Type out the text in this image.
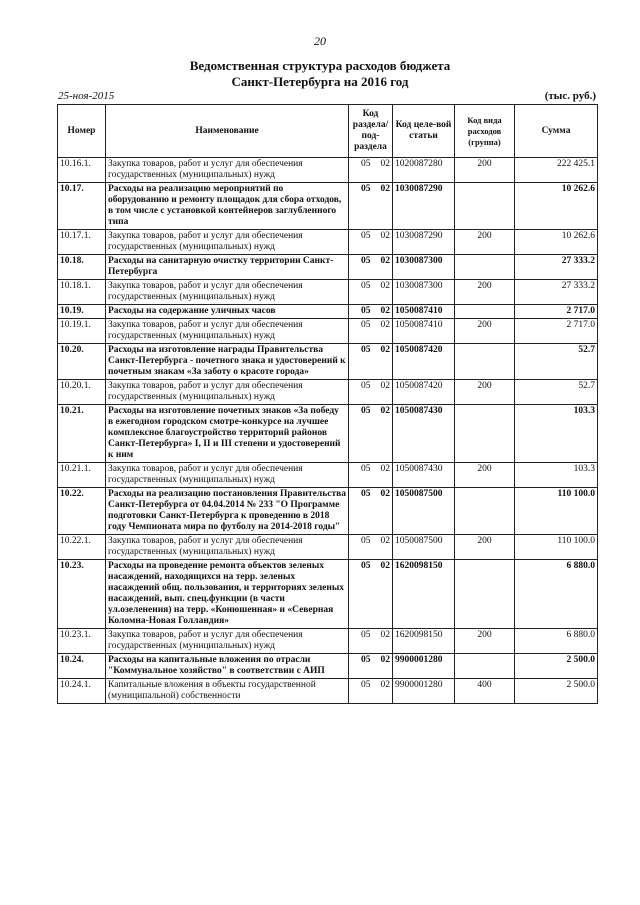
20
Ведомственная структура расходов бюджета
Санкт-Петербурга на 2016 год
25-ноя-2015	(тыс. руб.)
Номер	Наименование	Код раздела/ под-раздела		Код целе-вой статьи	Код вида расходов (группа)	Сумма
10.16.1.	Закупка товаров, работ и услуг для обеспечения государственных (муниципальных) нужд	05	02	1020087280	200	222 425.1
10.17.	Расходы на реализацию мероприятий по оборудованию и ремонту площадок для сбора отходов, в том числе с установкой контейнеров заглубленного типа	05	02	1030087290		10 262.6
10.17.1.	Закупка товаров, работ и услуг для обеспечения государственных (муниципальных) нужд	05	02	1030087290	200	10 262.6
10.18.	Расходы на санитарную очистку территории Санкт-Петербурга	05	02	1030087300		27 333.2
10.18.1.	Закупка товаров, работ и услуг для обеспечения государственных (муниципальных) нужд	05	02	1030087300	200	27 333.2
10.19.	Расходы на содержание уличных часов	05	02	1050087410		2 717.0
10.19.1.	Закупка товаров, работ и услуг для обеспечения государственных (муниципальных) нужд	05	02	1050087410	200	2 717.0
10.20.	Расходы на изготовление награды Правительства Санкт-Петербурга - почетного знака и удостоверений к почетным знакам «За заботу о красоте города»	05	02	1050087420		52.7
10.20.1.	Закупка товаров, работ и услуг для обеспечения государственных (муниципальных) нужд	05	02	1050087420	200	52.7
10.21.	Расходы на изготовление почетных знаков «За победу в ежегодном городском смотре-конкурсе на лучшее комплексное благоустройство территорий районов Санкт-Петербурга» I, II и III степени и удостоверений к ним	05	02	1050087430		103.3
10.21.1.	Закупка товаров, работ и услуг для обеспечения государственных (муниципальных) нужд	05	02	1050087430	200	103.3
10.22.	Расходы на реализацию постановления Правительства Санкт-Петербурга от 04.04.2014 № 233 "О Программе подготовки Санкт-Петербурга к проведению в 2018 году Чемпионата мира по футболу на 2014-2018 годы"	05	02	1050087500		110 100.0
10.22.1.	Закупка товаров, работ и услуг для обеспечения государственных (муниципальных) нужд	05	02	1050087500	200	110 100.0
10.23.	Расходы на проведение ремонта объектов зеленых насаждений, находящихся на терр. зеленых насаждений общ. пользования, и территориях зеленых насаждений, вып. спец.функции (в части ул.озеленения) на терр. «Конюшенная» и «Северная Коломна-Новая Голландия»	05	02	1620098150		6 880.0
10.23.1.	Закупка товаров, работ и услуг для обеспечения государственных (муниципальных) нужд	05	02	1620098150	200	6 880.0
10.24.	Расходы на капитальные вложения по отрасли "Коммунальное хозяйство" в соответствии с АИП	05	02	9900001280		2 500.0
10.24.1.	Капитальные вложения в объекты государственной (муниципальной) собственности	05	02	9900001280	400	2 500.0
